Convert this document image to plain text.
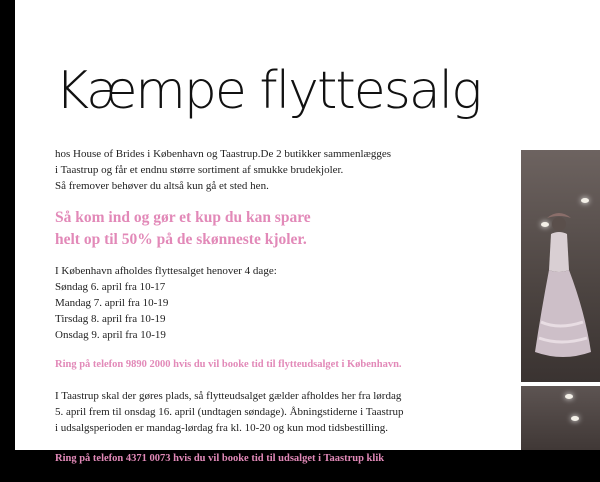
Kæmpe flyttesalg

hos House of Brides i København og Taastrup.De 2 butikker sammenlægges
i Taastrup og får et endnu større sortiment af smukke brudekjoler.
Så fremover behøver du altså kun gå et sted hen.

Så kom ind og gør et kup du kan spare
helt op til 50% på de skønneste kjoler.

I København afholdes flyttesalget henover 4 dage:
Søndag 6. april fra 10-17
Mandag 7. april fra 10-19
Tirsdag 8. april fra 10-19
Onsdag 9. april fra 10-19

Ring på telefon 9890 2000 hvis du vil booke tid til flytteudsalget i København.

I Taastrup skal der gøres plads, så flytteudsalget gælder afholdes her fra lørdag
5. april frem til onsdag 16. april (undtagen søndage). Åbningstiderne i Taastrup
i udsalgsperioden er mandag-lørdag fra kl. 10-20 og kun mod tidsbestilling.

Ring på telefon 4371 0073 hvis du vil booke tid til udsalget i Taastrup klik
